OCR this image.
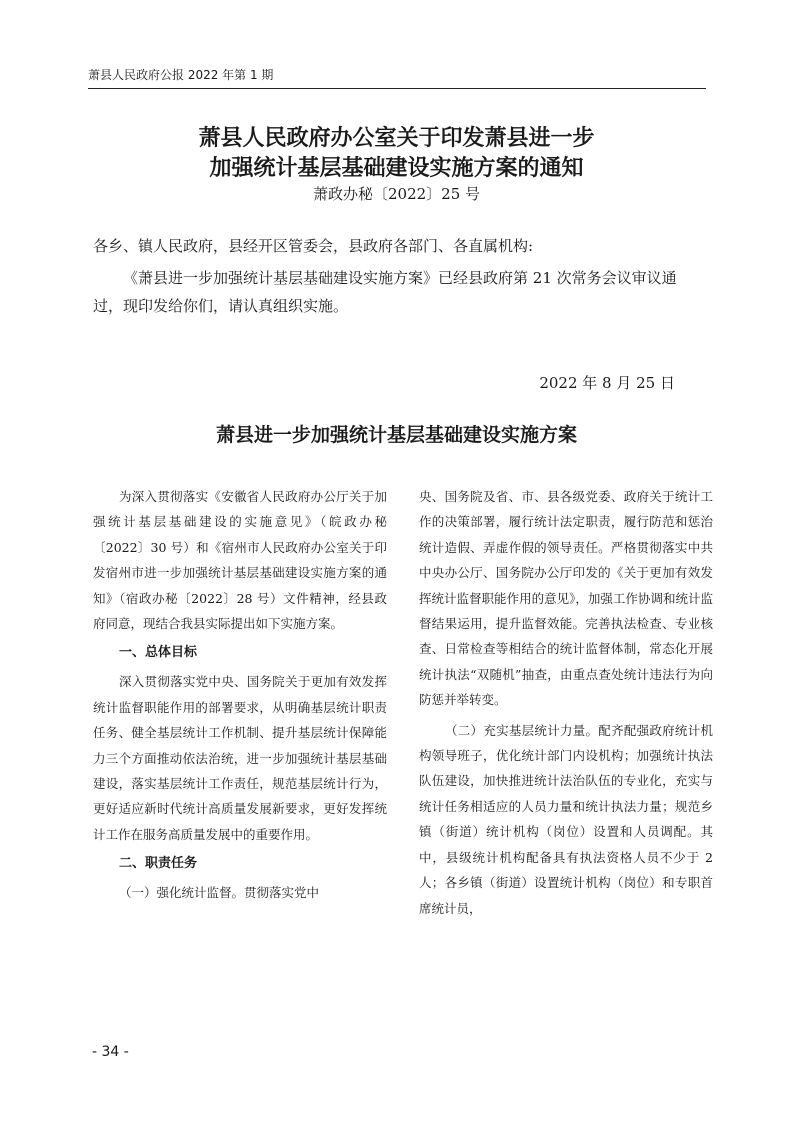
萧县人民政府公报 2022 年第 1 期
萧县人民政府办公室关于印发萧县进一步
加强统计基层基础建设实施方案的通知
萧政办秘〔2022〕25 号
各乡、镇人民政府，县经开区管委会，县政府各部门、各直属机构:

《萧县进一步加强统计基层基础建设实施方案》已经县政府第 21 次常务会议审议通过，现印发给你们，请认真组织实施。

2022 年 8 月 25 日
萧县进一步加强统计基层基础建设实施方案

为深入贯彻落实《安徽省人民政府办公厅关于加强统计基层基础建设的实施意见》（皖政办秘〔2022〕30 号）和《宿州市人民政府办公室关于印发宿州市进一步加强统计基层基础建设实施方案的通知》（宿政办秘〔2022〕28 号）文件精神，经县政府同意，现结合我县实际提出如下实施方案。

一、总体目标

深入贯彻落实党中央、国务院关于更加有效发挥统计监督职能作用的部署要求，从明确基层统计职责任务、健全基层统计工作机制、提升基层统计保障能力三个方面推动依法治统，进一步加强统计基层基础建设，落实基层统计工作责任，规范基层统计行为，更好适应新时代统计高质量发展新要求，更好发挥统计工作在服务高质量发展中的重要作用。

二、职责任务

（一）强化统计监督。贯彻落实党中

央、国务院及省、市、县各级党委、政府关于统计工作的决策部署，履行统计法定职责，履行防范和惩治统计造假、弄虚作假的领导责任。严格贯彻落实中共中央办公厅、国务院办公厅印发的《关于更加有效发挥统计监督职能作用的意见》，加强工作协调和统计监督结果运用，提升监督效能。完善执法检查、专业核查、日常检查等相结合的统计监督体制，常态化开展统计执法“双随机”抽查，由重点查处统计违法行为向防惩并举转变。

（二）充实基层统计力量。配齐配强政府统计机构领导班子，优化统计部门内设机构；加强统计执法队伍建设，加快推进统计法治队伍的专业化，充实与统计任务相适应的人员力量和统计执法力量；规范乡镇（街道）统计机构（岗位）设置和人员调配。其中，县级统计机构配备具有执法资格人员不少于 2 人；各乡镇（街道）设置统计机构（岗位）和专职首席统计员，

- 34 -
